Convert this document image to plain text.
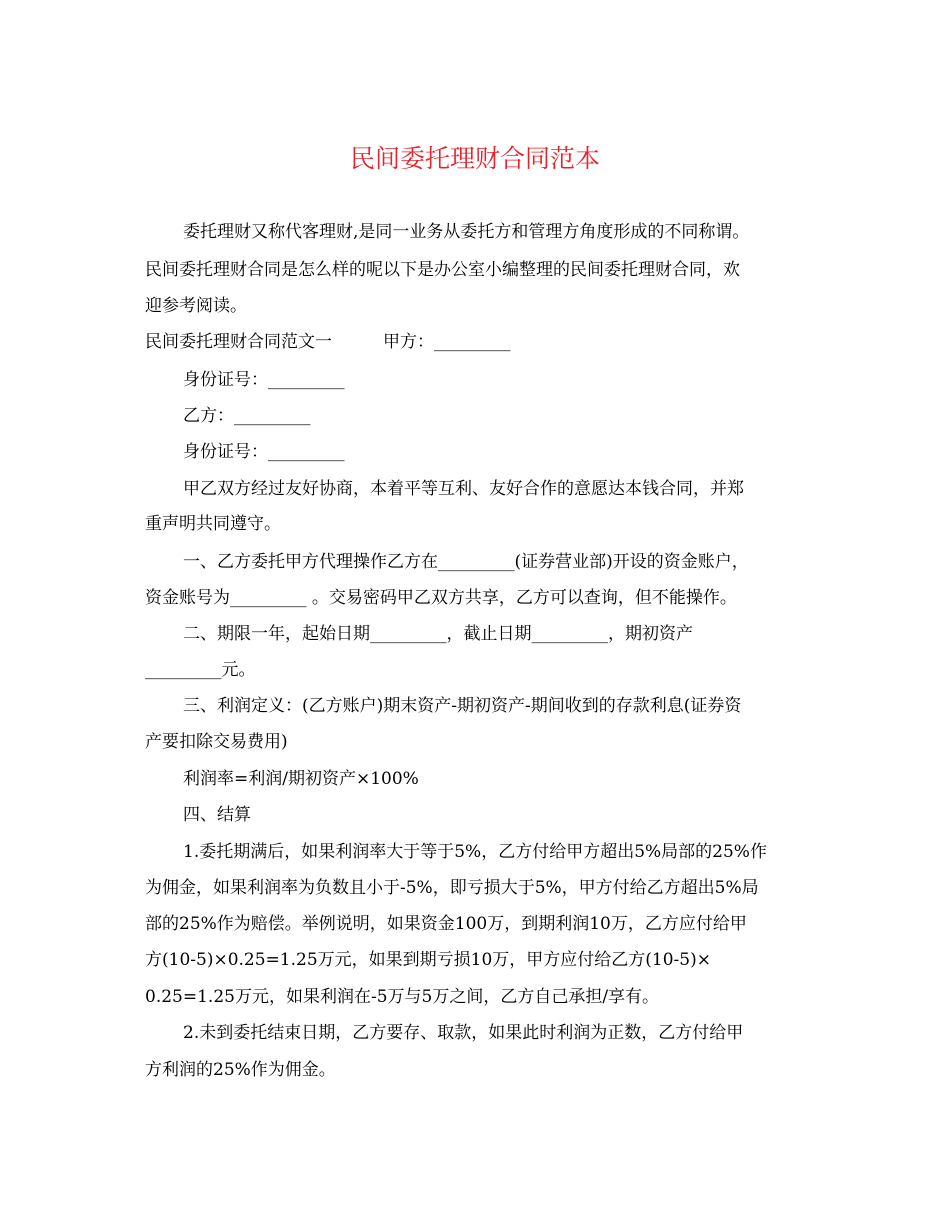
民间委托理财合同范本
委托理财又称代客理财,是同一业务从委托方和管理方角度形成的不同称谓。
民间委托理财合同是怎么样的呢以下是办公室小编整理的民间委托理财合同，欢
迎参考阅读。
民间委托理财合同范文一　　　甲方：_________
身份证号：_________
乙方：_________
身份证号：_________
甲乙双方经过友好协商，本着平等互利、友好合作的意愿达本钱合同，并郑
重声明共同遵守。
一、乙方委托甲方代理操作乙方在_________(证券营业部)开设的资金账户，
资金账号为_________ 。交易密码甲乙双方共享，乙方可以查询，但不能操作。
二、期限一年，起始日期_________，截止日期_________，期初资产
_________元。
三、利润定义：(乙方账户)期末资产-期初资产-期间收到的存款利息(证券资
产要扣除交易费用)
利润率=利润/期初资产×100%
四、结算
1.委托期满后，如果利润率大于等于5%，乙方付给甲方超出5%局部的25%作
为佣金，如果利润率为负数且小于-5%，即亏损大于5%，甲方付给乙方超出5%局
部的25%作为赔偿。举例说明，如果资金100万，到期利润10万，乙方应付给甲
方(10-5)×0.25=1.25万元，如果到期亏损10万，甲方应付给乙方(10-5)×
0.25=1.25万元，如果利润在-5万与5万之间，乙方自己承担/享有。
2.未到委托结束日期，乙方要存、取款，如果此时利润为正数，乙方付给甲
方利润的25%作为佣金。
